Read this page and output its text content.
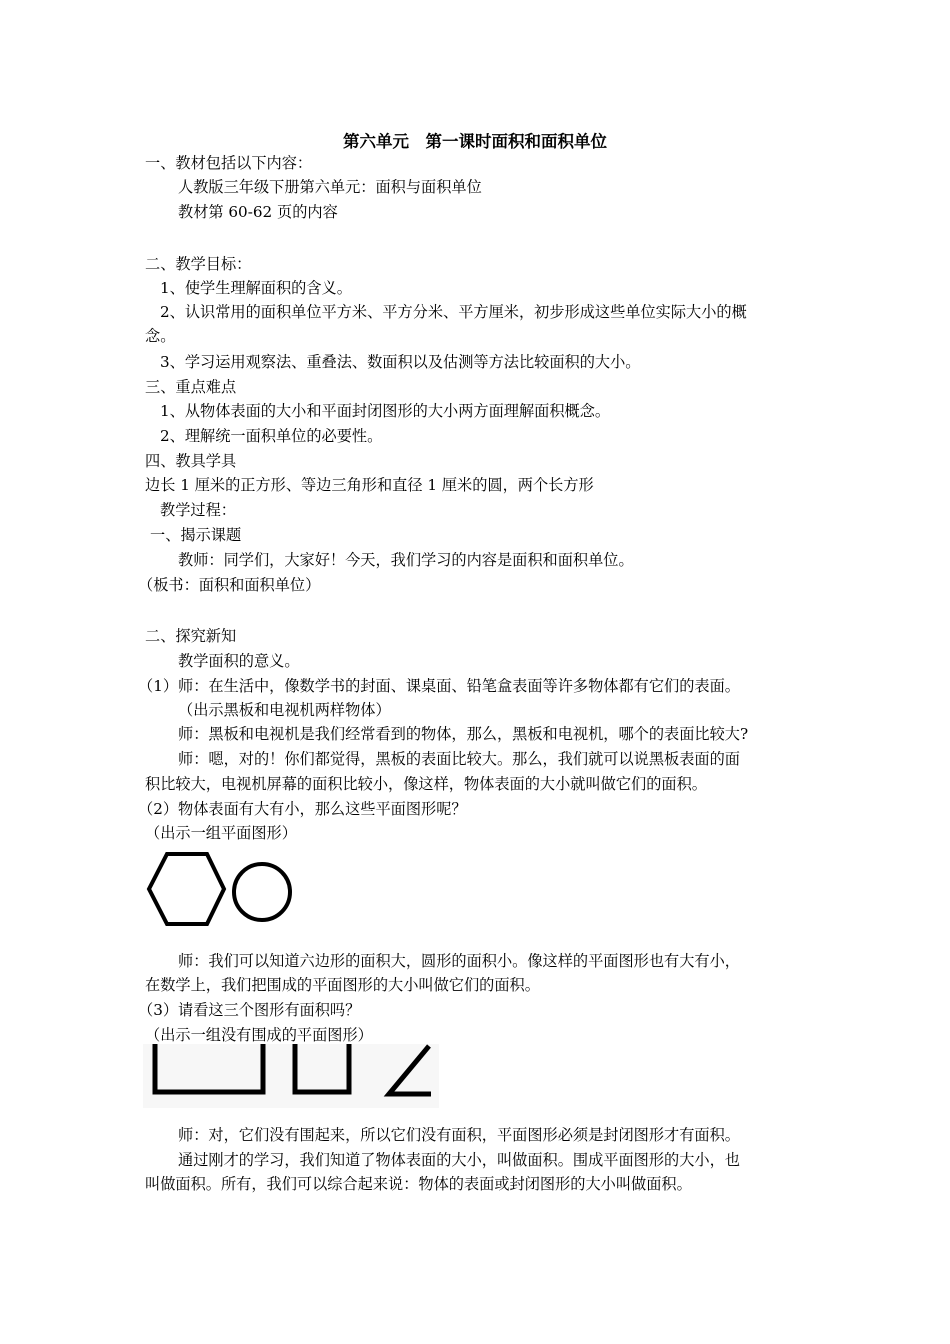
第六单元　第一课时面积和面积单位
一、教材包括以下内容：
人教版三年级下册第六单元：面积与面积单位
教材第 60-62 页的内容
二、教学目标：
1、使学生理解面积的含义。
2、认识常用的面积单位平方米、平方分米、平方厘米，初步形成这些单位实际大小的概
念。
3、学习运用观察法、重叠法、数面积以及估测等方法比较面积的大小。
三、重点难点
1、从物体表面的大小和平面封闭图形的大小两方面理解面积概念。
2、理解统一面积单位的必要性。
四、教具学具
边长 1 厘米的正方形、等边三角形和直径 1 厘米的圆，两个长方形
教学过程：
一、揭示课题
教师：同学们，大家好！今天，我们学习的内容是面积和面积单位。
（板书：面积和面积单位）
二、探究新知
教学面积的意义。
（1）师：在生活中，像数学书的封面、课桌面、铅笔盒表面等许多物体都有它们的表面。
（出示黑板和电视机两样物体）
师：黑板和电视机是我们经常看到的物体，那么，黑板和电视机，哪个的表面比较大?
师：嗯，对的！你们都觉得，黑板的表面比较大。那么，我们就可以说黑板表面的面
积比较大，电视机屏幕的面积比较小，像这样，物体表面的大小就叫做它们的面积。
（2）物体表面有大有小，那么这些平面图形呢？
（出示一组平面图形）
师：我们可以知道六边形的面积大，圆形的面积小。像这样的平面图形也有大有小，
在数学上，我们把围成的平面图形的大小叫做它们的面积。
（3）请看这三个图形有面积吗？
（出示一组没有围成的平面图形）
师：对，它们没有围起来，所以它们没有面积，平面图形必须是封闭图形才有面积。
通过刚才的学习，我们知道了物体表面的大小，叫做面积。围成平面图形的大小，也
叫做面积。所有，我们可以综合起来说：物体的表面或封闭图形的大小叫做面积。
